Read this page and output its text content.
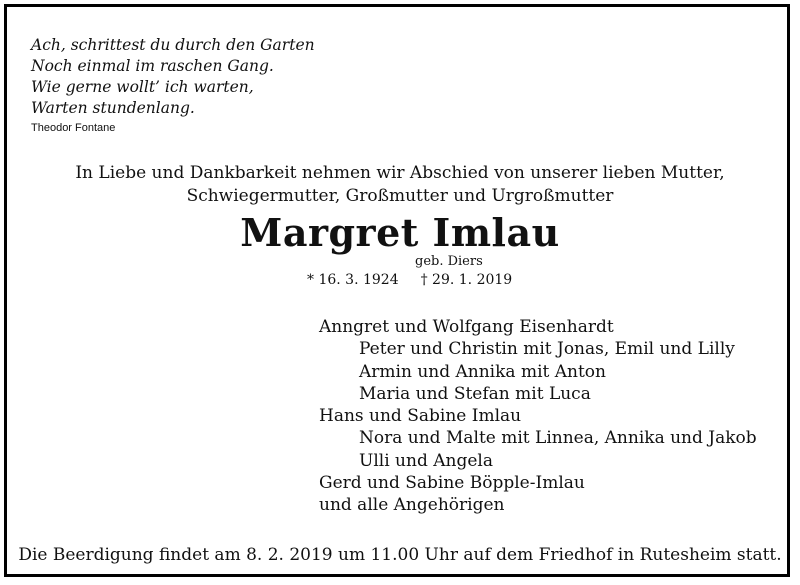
Ach, schrittest du durch den Garten
Noch einmal im raschen Gang.
Wie gerne wollt’ ich warten,
Warten stundenlang.
Theodor Fontane
In Liebe und Dankbarkeit nehmen wir Abschied von unserer lieben Mutter,
Schwiegermutter, Großmutter und Urgroßmutter
Margret Imlau
geb. Diers
* 16. 3. 1924 † 29. 1. 2019
Anngret und Wolfgang Eisenhardt
Peter und Christin mit Jonas, Emil und Lilly
Armin und Annika mit Anton
Maria und Stefan mit Luca
Hans und Sabine Imlau
Nora und Malte mit Linnea, Annika und Jakob
Ulli und Angela
Gerd und Sabine Böpple-Imlau
und alle Angehörigen
Die Beerdigung findet am 8. 2. 2019 um 11.00 Uhr auf dem Friedhof in Rutesheim statt.
